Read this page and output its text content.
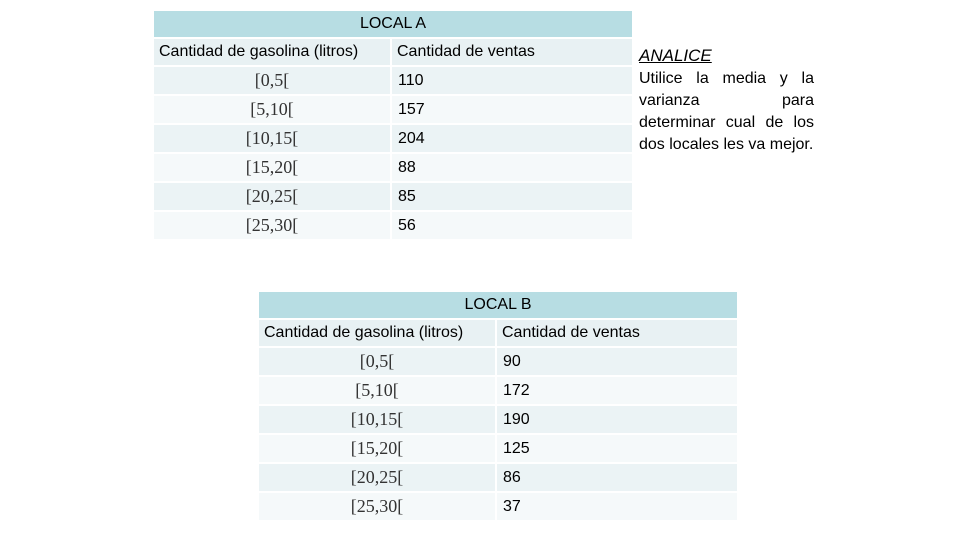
LOCAL A	
Cantidad de gasolina (litros)	Cantidad de ventas
[0,5[	110
[5,10[	157
[10,15[	204
[15,20[	88
[20,25[	85
[25,30[	56
ANALICE
Utilice la media y la varianza para determinar cual de los dos locales les va mejor.
LOCAL B	
Cantidad de gasolina (litros)	Cantidad de ventas
[0,5[	90
[5,10[	172
[10,15[	190
[15,20[	125
[20,25[	86
[25,30[	37
